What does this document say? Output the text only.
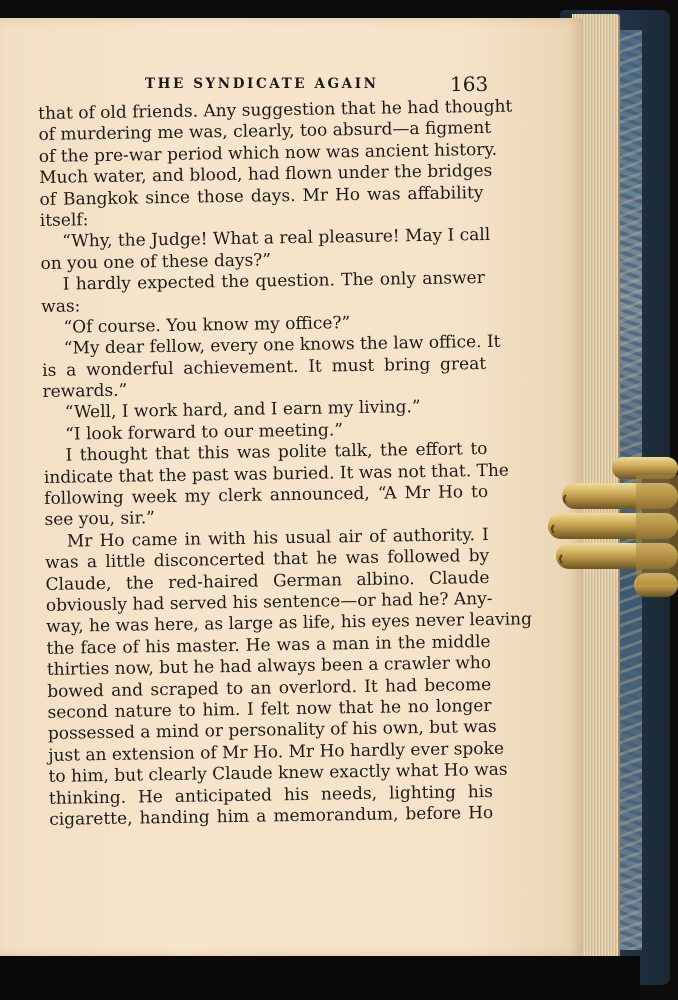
THE SYNDICATE AGAIN	163
that of old friends. Any suggestion that he had thought
of murdering me was, clearly, too absurd—a figment
of the pre-war period which now was ancient history.
Much water, and blood, had flown under the bridges
of Bangkok since those days. Mr Ho was affability
itself:
“Why, the Judge! What a real pleasure! May I call
on you one of these days?”
I hardly expected the question. The only answer
was:
“Of course. You know my office?”
“My dear fellow, every one knows the law office. It
is a wonderful achievement. It must bring great
rewards.”
“Well, I work hard, and I earn my living.”
“I look forward to our meeting.”
I thought that this was polite talk, the effort to
indicate that the past was buried. It was not that. The
following week my clerk announced, “A Mr Ho to
see you, sir.”
Mr Ho came in with his usual air of authority. I
was a little disconcerted that he was followed by
Claude, the red-haired German albino. Claude
obviously had served his sentence—or had he? Any-
way, he was here, as large as life, his eyes never leaving
the face of his master. He was a man in the middle
thirties now, but he had always been a crawler who
bowed and scraped to an overlord. It had become
second nature to him. I felt now that he no longer
possessed a mind or personality of his own, but was
just an extension of Mr Ho. Mr Ho hardly ever spoke
to him, but clearly Claude knew exactly what Ho was
thinking. He anticipated his needs, lighting his
cigarette, handing him a memorandum, before Ho
